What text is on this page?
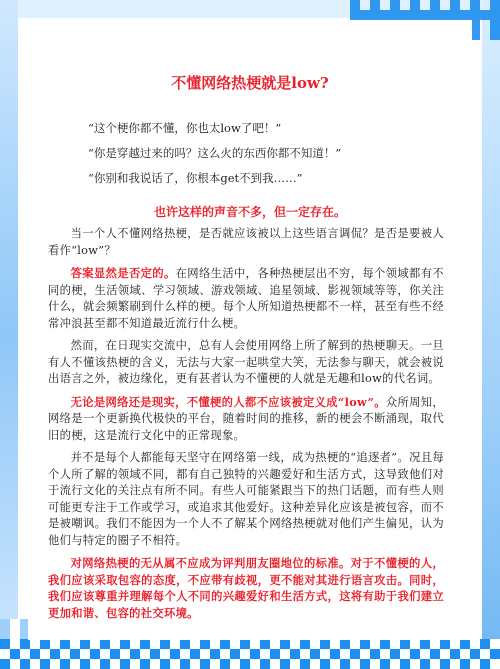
不懂网络热梗就是low?
“这个梗你都不懂，你也太low了吧！”
“你是穿越过来的吗？这么火的东西你都不知道！”
“你别和我说话了，你根本get不到我……”
也许这样的声音不多，但一定存在。

当一个人不懂网络热梗，是否就应该被以上这些语言调侃？是否是要被人看作“low”？

答案显然是否定的。在网络生活中，各种热梗层出不穷，每个领域都有不同的梗，生活领域、学习领域、游戏领域、追星领域、影视领域等等，你关注什么，就会频繁刷到什么样的梗。每个人所知道热梗都不一样，甚至有些不经常冲浪甚至都不知道最近流行什么梗。

然而，在日现实交流中，总有人会使用网络上所了解到的热梗聊天。一旦有人不懂该热梗的含义，无法与大家一起哄堂大笑，无法参与聊天，就会被说出语言之外，被边缘化，更有甚者认为不懂梗的人就是无趣和low的代名词。

无论是网络还是现实，不懂梗的人都不应该被定义成“low”。众所周知，网络是一个更新换代极快的平台，随着时间的推移，新的梗会不断涌现，取代旧的梗，这是流行文化中的正常现象。

并不是每个人都能每天坚守在网络第一线，成为热梗的“追逐者”。况且每个人所了解的领域不同，都有自己独特的兴趣爱好和生活方式，这导致他们对于流行文化的关注点有所不同。有些人可能紧跟当下的热门话题，而有些人则可能更专注于工作或学习，或追求其他爱好。这种差异化应该是被包容，而不是被嘲讽。我们不能因为一个人不了解某个网络热梗就对他们产生偏见，认为他们与特定的圈子不相符。

对网络热梗的无从属不应成为评判朋友圈地位的标准。对于不懂梗的人，我们应该采取包容的态度，不应带有歧视，更不能对其进行语言攻击。同时，我们应该尊重并理解每个人不同的兴趣爱好和生活方式，这将有助于我们建立更加和谐、包容的社交环境。
